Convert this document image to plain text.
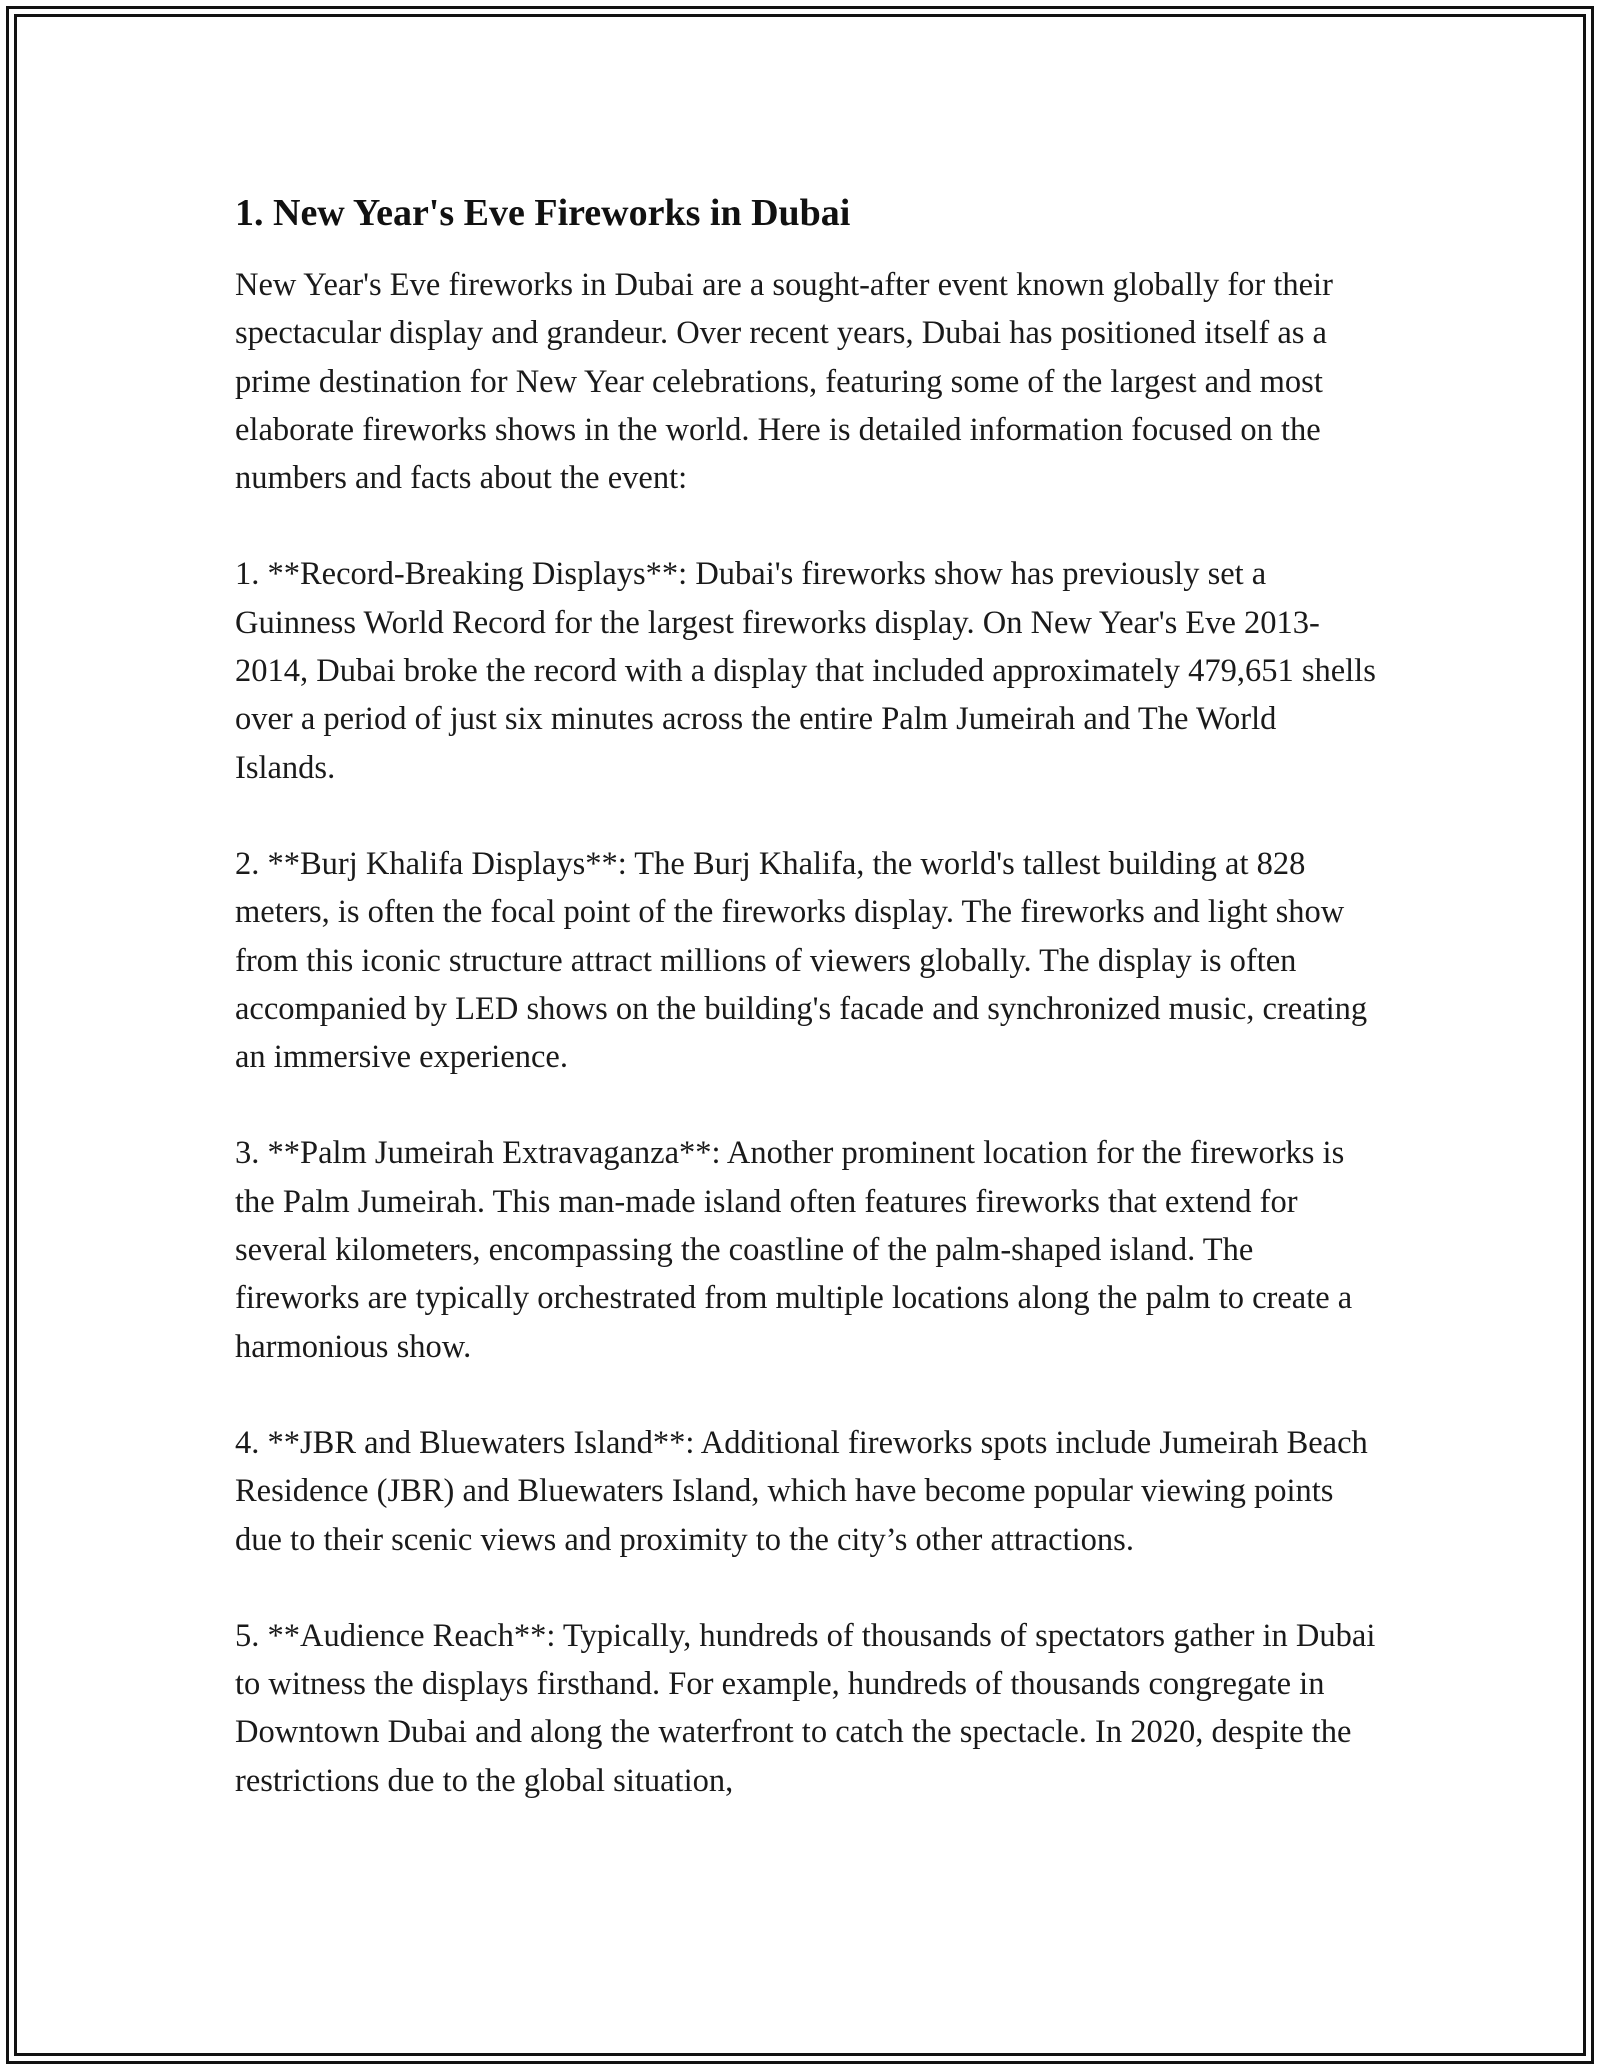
1. New Year's Eve Fireworks in Dubai

New Year's Eve fireworks in Dubai are a sought-after event known globally for their spectacular display and grandeur. Over recent years, Dubai has positioned itself as a prime destination for New Year celebrations, featuring some of the largest and most elaborate fireworks shows in the world. Here is detailed information focused on the numbers and facts about the event:

1. **Record-Breaking Displays**: Dubai's fireworks show has previously set a Guinness World Record for the largest fireworks display. On New Year's Eve 2013-2014, Dubai broke the record with a display that included approximately 479,651 shells over a period of just six minutes across the entire Palm Jumeirah and The World Islands.

2. **Burj Khalifa Displays**: The Burj Khalifa, the world's tallest building at 828 meters, is often the focal point of the fireworks display. The fireworks and light show from this iconic structure attract millions of viewers globally. The display is often accompanied by LED shows on the building's facade and synchronized music, creating an immersive experience.

3. **Palm Jumeirah Extravaganza**: Another prominent location for the fireworks is the Palm Jumeirah. This man-made island often features fireworks that extend for several kilometers, encompassing the coastline of the palm-shaped island. The fireworks are typically orchestrated from multiple locations along the palm to create a harmonious show.

4. **JBR and Bluewaters Island**: Additional fireworks spots include Jumeirah Beach Residence (JBR) and Bluewaters Island, which have become popular viewing points due to their scenic views and proximity to the city’s other attractions.

5. **Audience Reach**: Typically, hundreds of thousands of spectators gather in Dubai to witness the displays firsthand. For example, hundreds of thousands congregate in Downtown Dubai and along the waterfront to catch the spectacle. In 2020, despite the restrictions due to the global situation,
